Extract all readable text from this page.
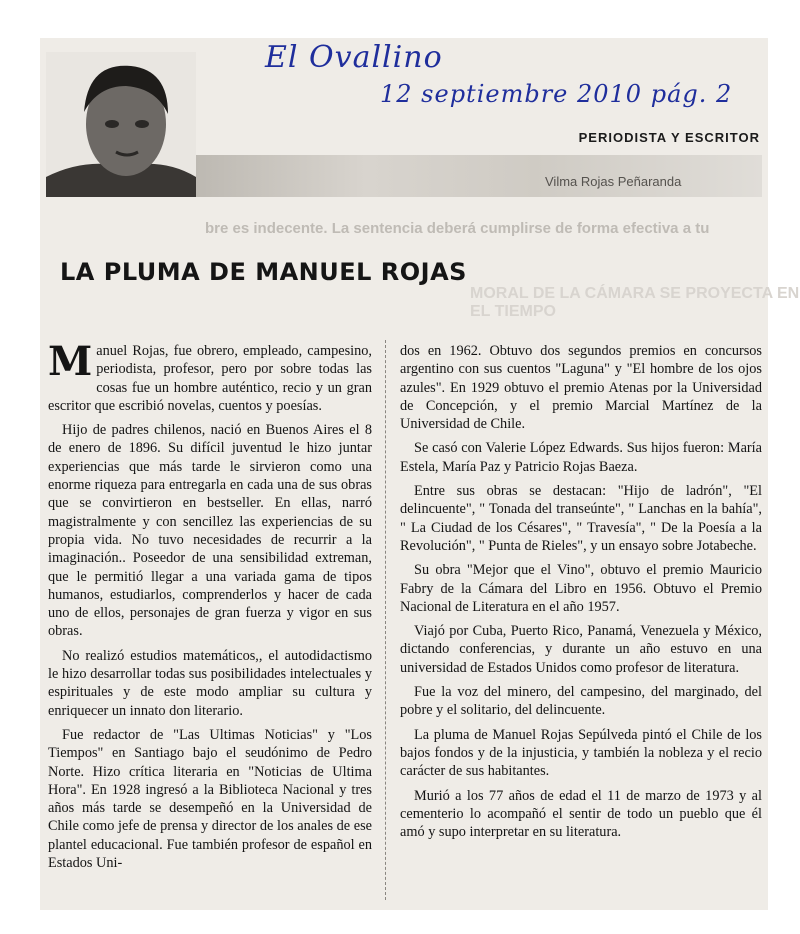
El Ovallino
12 septiembre 2010 pág. 2
PERIODISTA Y ESCRITOR
Vilma Rojas Peñaranda
bre es indecente. La sentencia deberá cumplirse de forma efectiva a tu
MORAL DE LA CÁMARA SE PROYECTA EN EL TIEMPO
LA PLUMA DE MANUEL ROJAS

Manuel Rojas, fue obrero, empleado, campesino, periodista, profesor, pero por sobre todas las cosas fue un hombre auténtico, recio y un gran escritor que escribió novelas, cuentos y poesías.

Hijo de padres chilenos, nació en Buenos Aires el 8 de enero de 1896. Su difícil juventud le hizo juntar experiencias que más tarde le sirvieron como una enorme riqueza para entregarla en cada una de sus obras que se convirtieron en bestseller. En ellas, narró magistralmente y con sencillez las experiencias de su propia vida. No tuvo necesidades de recurrir a la imaginación.. Poseedor de una sensibilidad extreman, que le permitió llegar a una variada gama de tipos humanos, estudiarlos, comprenderlos y hacer de cada uno de ellos, personajes de gran fuerza y vigor en sus obras.

No realizó estudios matemáticos,, el autodidactismo le hizo desarrollar todas sus posibilidades intelectuales y espirituales y de este modo ampliar su cultura y enriquecer un innato don literario.

Fue redactor de "Las Ultimas Noticias" y "Los Tiempos" en Santiago bajo el seudónimo de Pedro Norte. Hizo crítica literaria en "Noticias de Ultima Hora". En 1928 ingresó a la Biblioteca Nacional y tres años más tarde se desempeñó en la Universidad de Chile como jefe de prensa y director de los anales de ese plantel educacional. Fue también profesor de español en Estados Uni-

dos en 1962. Obtuvo dos segundos premios en concursos argentino con sus cuentos "Laguna" y "El hombre de los ojos azules". En 1929 obtuvo el premio Atenas por la Universidad de Concepción, y el premio Marcial Martínez de la Universidad de Chile.

Se casó con Valerie López Edwards. Sus hijos fueron: María Estela, María Paz y Patricio Rojas Baeza.

Entre sus obras se destacan: "Hijo de ladrón", "El delincuente", " Tonada del transeúnte", " Lanchas en la bahía", " La Ciudad de los Césares", " Travesía", " De la Poesía a la Revolución", " Punta de Rieles", y un ensayo sobre Jotabeche.

Su obra "Mejor que el Vino", obtuvo el premio Mauricio Fabry de la Cámara del Libro en 1956. Obtuvo el Premio Nacional de Literatura en el año 1957.

Viajó por Cuba, Puerto Rico, Panamá, Venezuela y México, dictando conferencias, y durante un año estuvo en una universidad de Estados Unidos como profesor de literatura.

Fue la voz del minero, del campesino, del marginado, del pobre y el solitario, del delincuente.

La pluma de Manuel Rojas Sepúlveda pintó el Chile de los bajos fondos y de la injusticia, y también la nobleza y el recio carácter de sus habitantes.

Murió a los 77 años de edad el 11 de marzo de 1973 y al cementerio lo acompañó el sentir de todo un pueblo que él amó y supo interpretar en su literatura.
